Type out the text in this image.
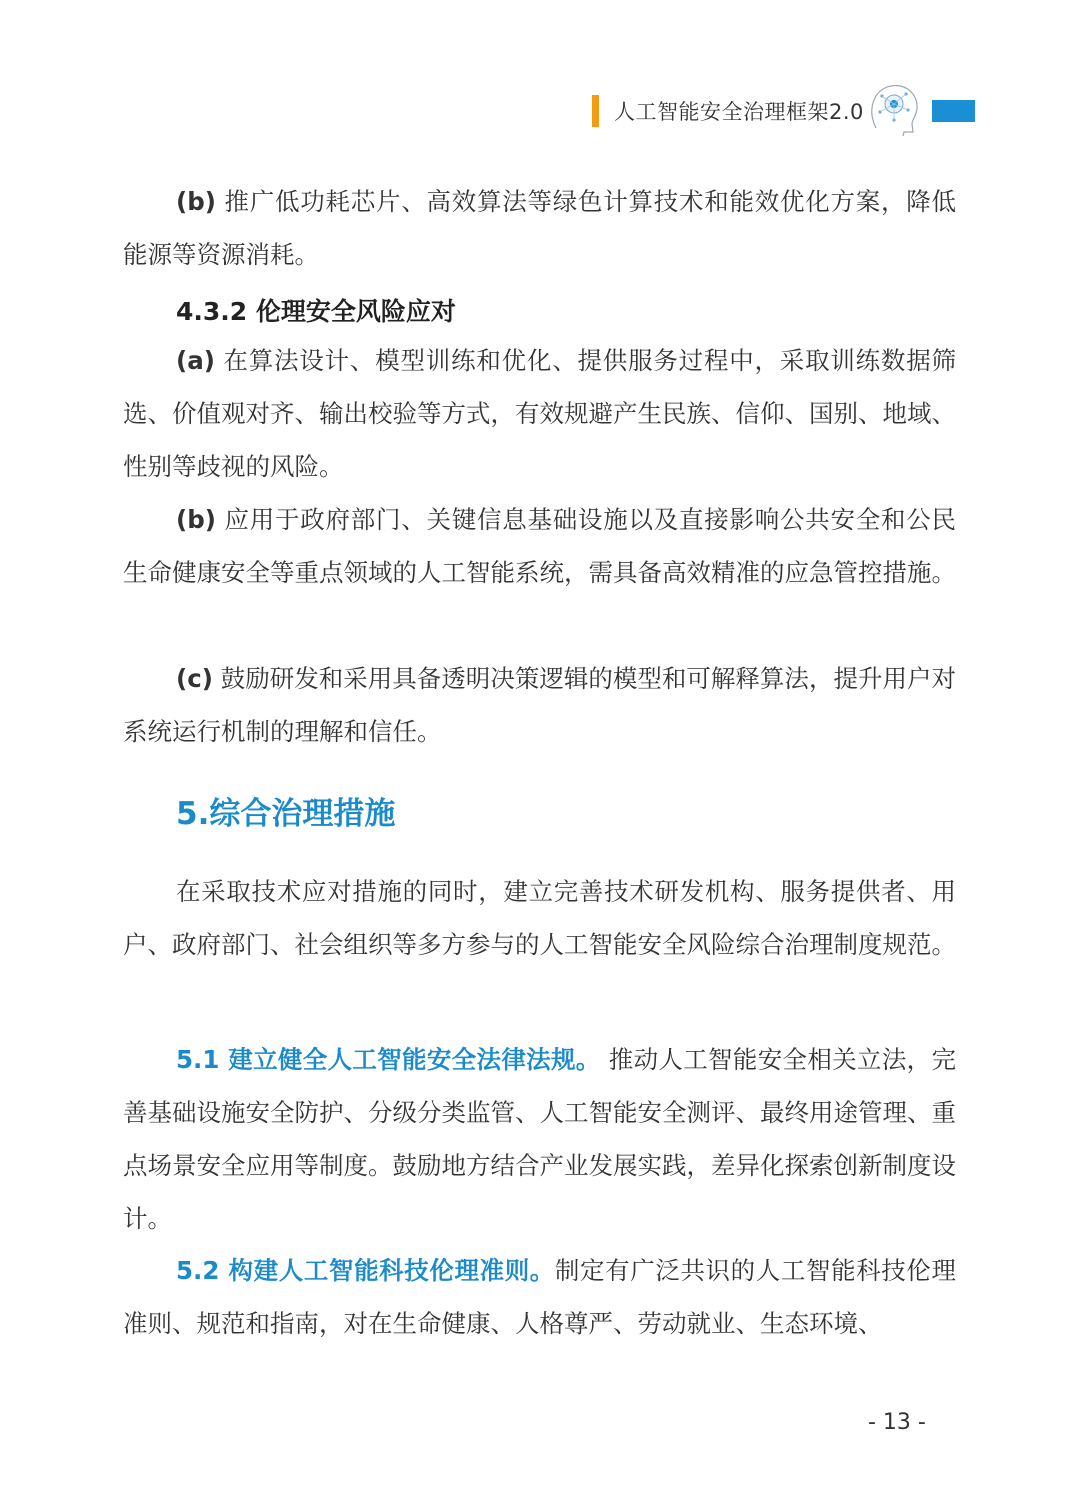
人工智能安全治理框架2.0

(b) 推广低功耗芯片、高效算法等绿色计算技术和能效优化方案，降低能源等资源消耗。

4.3.2 伦理安全风险应对

(a) 在算法设计、模型训练和优化、提供服务过程中，采取训练数据筛选、价值观对齐、输出校验等方式，有效规避产生民族、信仰、国别、地域、性别等歧视的风险。

(b) 应用于政府部门、关键信息基础设施以及直接影响公共安全和公民生命健康安全等重点领域的人工智能系统，需具备高效精准的应急管控措施。

(c) 鼓励研发和采用具备透明决策逻辑的模型和可解释算法，提升用户对系统运行机制的理解和信任。

5.综合治理措施

在采取技术应对措施的同时，建立完善技术研发机构、服务提供者、用户、政府部门、社会组织等多方参与的人工智能安全风险综合治理制度规范。

5.1 建立健全人工智能安全法律法规。 推动人工智能安全相关立法，完善基础设施安全防护、分级分类监管、人工智能安全测评、最终用途管理、重点场景安全应用等制度。鼓励地方结合产业发展实践，差异化探索创新制度设计。

5.2 构建人工智能科技伦理准则。制定有广泛共识的人工智能科技伦理准则、规范和指南，对在生命健康、人格尊严、劳动就业、生态环境、

- 13 -
